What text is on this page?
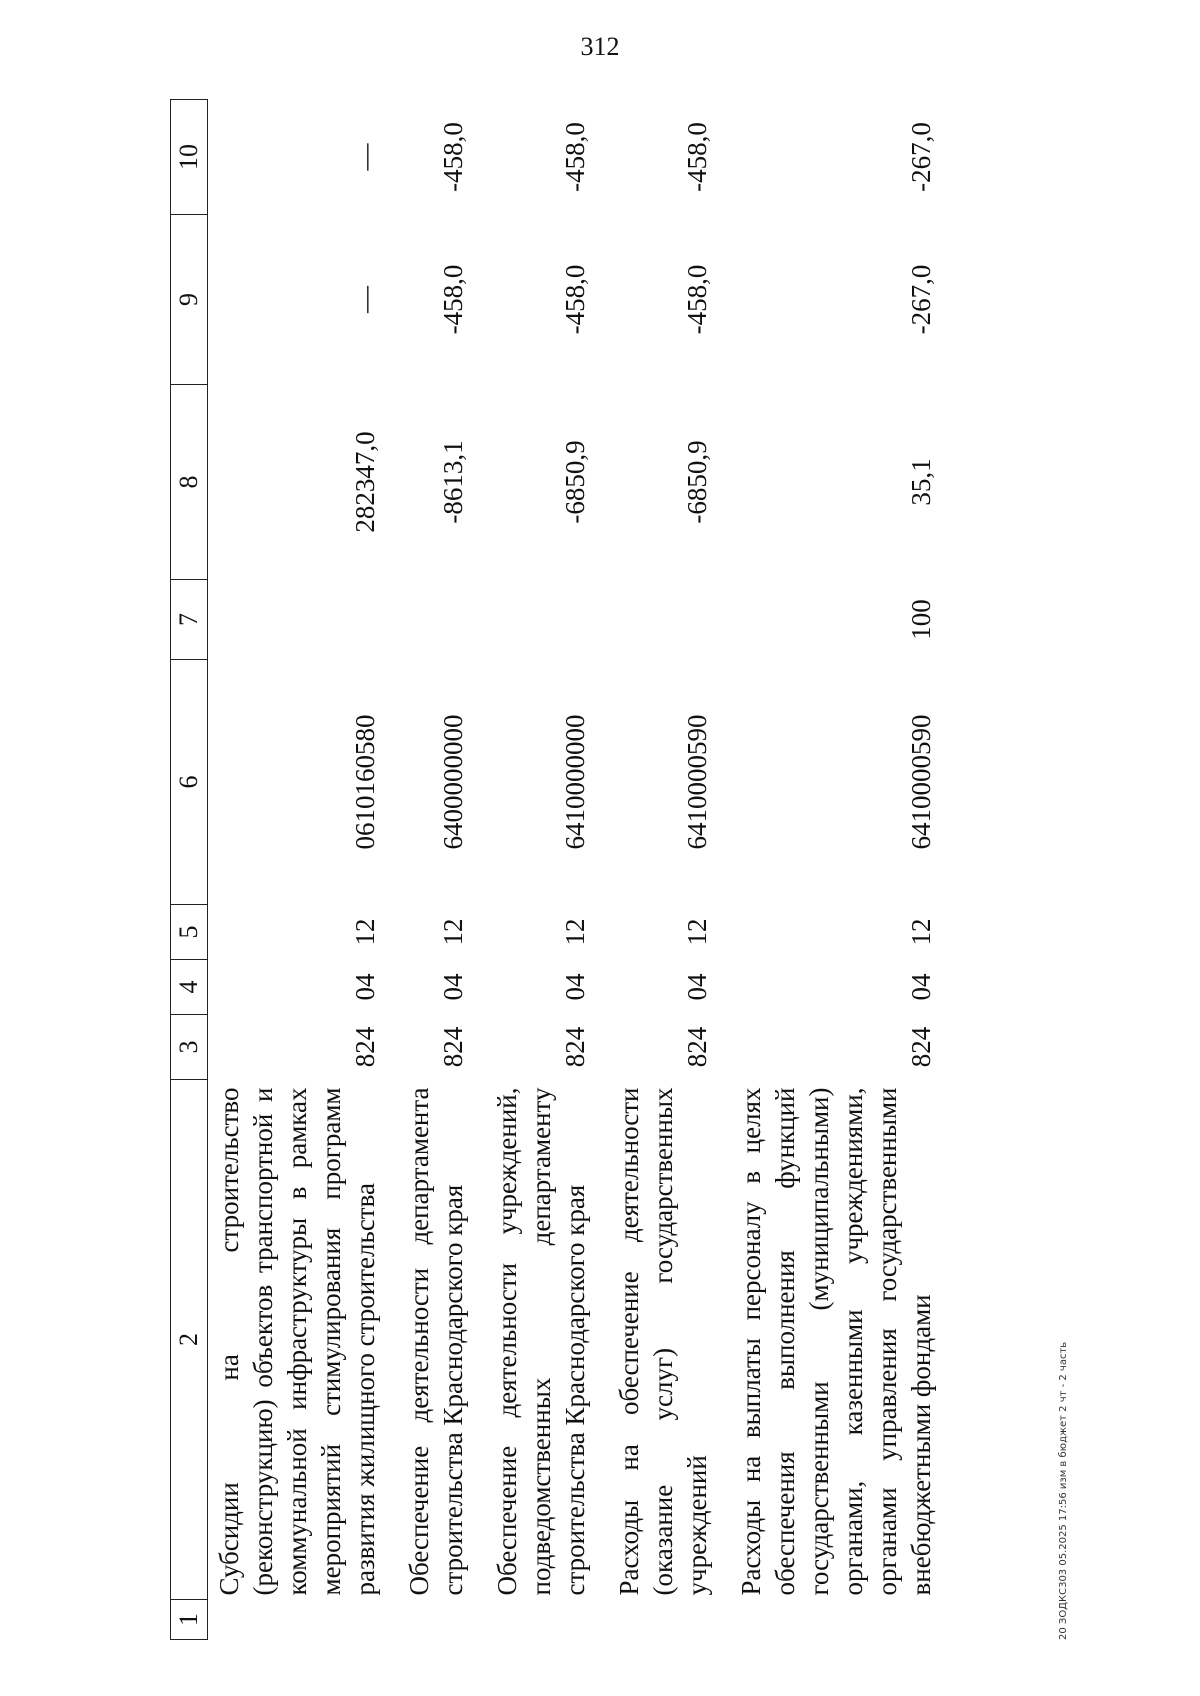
312
1	2	3	4	5	6	7	8	9	10
	Субсидии на строительство (реконструкцию) объектов транспортной и коммунальной инфраструктуры в рамках мероприятий стимулирования программ развития жилищного строительства	824	04	12	0610160580		282347,0	—	—
	Обеспечение деятельности департамента строительства Краснодарского края	824	04	12	6400000000		-8613,1	-458,0	-458,0
	Обеспечение деятельности учреждений, подведомственных департаменту строительства Краснодарского края	824	04	12	6410000000		-6850,9	-458,0	-458,0
	Расходы на обеспечение деятельности (оказание услуг) государственных учреждений	824	04	12	6410000590		-6850,9	-458,0	-458,0
	Расходы на выплаты персоналу в целях обеспечения выполнения функций государственными (муниципальными) органами, казенными учреждениями, органами управления государственными внебюджетными фондами	824	04	12	6410000590	100	35,1	-267,0	-267,0
20 ЗОДКС303 05.2025 17:56 изм в бюджет 2 чт - 2 часть
